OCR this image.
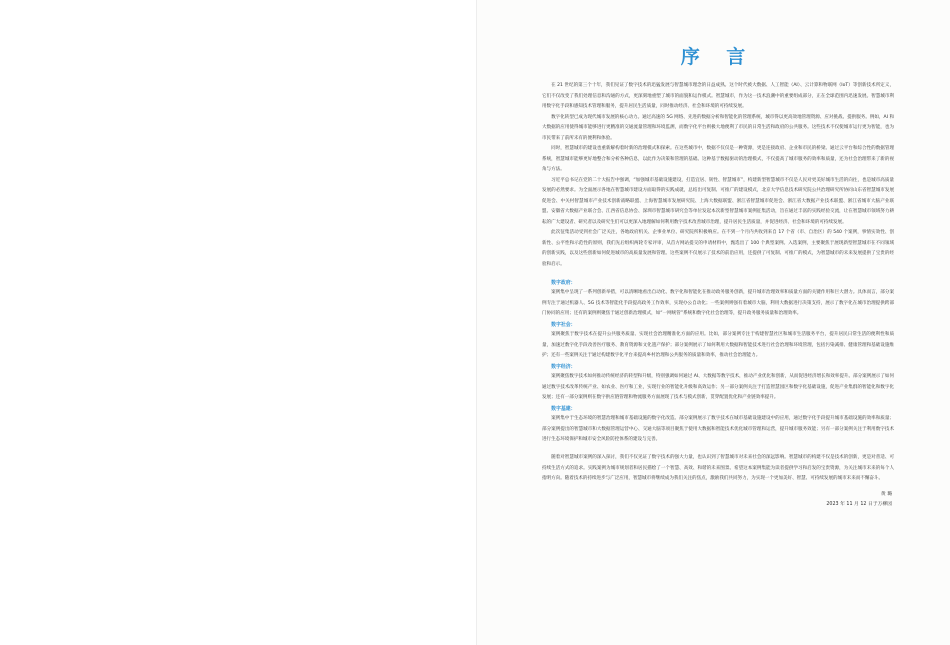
序 言

在 21 世纪的第三个十年，我们见证了数字技术的迅猛发展与智慧城市理念的日益成熟。这个时代被大数据、人工智能（AI）、云计算和物联网（IoT）等创新技术所定义，它们不仅改变了我们处理信息和沟通的方式，更深刻地重塑了城市的面貌和运作模式。智慧城市，作为这一技术浪潮中的重要组成部分，正在全球范围内迅速发展。智慧城市利用数字化手段和感知技术管理和服务，提升居民生活质量，同时推动经济、社会和环境的可持续发展。

数字化转型已成为现代城市发展的核心动力。通过高速的 5G 网络、先进的数据分析和智能化的管理系统，城市得以更高效地管理资源、应对挑战、提供服务。例如，AI 和大数据的应用使得城市能够进行更精准的交通流量管理和环境监测，而数字化平台则极大地便利了市民的日常生活和政府的公共服务。这些技术不仅使城市运行更为智能，也为市民带来了前所未有的便利和体验。

同时，智慧城市的建设也重新解构着时新的治理模式和探索。在这些城市中，数据不仅仅是一种资源，更是连接政府、企业和市民的桥梁。通过云平台和综合性的数据管理系统，智慧城市能够更好地整合和分析各种信息，以此作为决策和管理的基础。这种基于数据驱动的治理模式，不仅提高了城市服务的效率和质量，还为社会治理带来了新的视角与方法。

习近平总书记在党的二十大报告中强调，“加强城市基础设施建设，打造宜居、韧性、智慧城市”，构建新型智慧城市不仅是人民对更美好城市生活的向往，也是城市高质量发展的必然要求。为全面展示各地在智慧城市建设方面取得的实践成就，总结出可复制、可推广的建设模式，北京大学信息技术研究院公共治理研究所协同山东省智慧城市发展促进会、中关村智慧城市产业技术创新战略联盟、上海智慧城市发展研究院、上海大数据联盟、浙江省智慧城市促进会、浙江省大数据产业技术联盟、浙江省城市大脑产业联盟、安徽省大数据产业联合会、江西省信息协会、深圳市智慧城市研究会等单位发起本次新型智慧城市案例征集活动，旨在通过丰富的实践经验交流，让在智慧城市领域努力耕耘的广大建设者、研究者以及研究生们可以更深入地理解如何利用数字技术改善城市治理，提升居民生活质量，并促进经济、社会和环境的可持续发展。

此次征集活动受到社会广泛关注，各地政府机关、企事业单位、研究院所积极响应。在不到一个月内共收到来自 17 个省（市、自治区）的 540 个案例，事情实效性、创新性、公平性和示范性的原则，我们先后组织两轮专家评审，从首方网站提交的申请材料中，甄选出了 100 个典型案例。入选案例，主要聚焦于展现新型智慧城市在不同领域的创新实践，以及这些创新如何促进城市的高质量发展和管理。这些案例不仅展示了技术的前沿应用，还提供了可复制、可推广的模式，为智慧城市的未来发展提供了宝贵的经验和启示。

数字政府：

案例集中呈现了一系列创新举措，可以清晰地看出自动化、数字化和智能化在推动政务服务创新，提升城市治理效率和质量方面的关键作用和巨大潜力。具体而言，部分案例专注于通过机器人、5G 技术等智能化手段提高政务工作效率，实现办公自动化；一些案例则强有着城市大脑，利用大数据进行决策支持，展示了数字化在城市治理提供跨部门协同的应用；还有的案例则聚焦于通过创新治理模式，如“一网统管”系统和数字化社会治理等，提升政务服务质量和治理效率。

数字社会：

案例聚焦于数字技术在提升公共服务质量、实现社会治理精准化方面的应用。比如，部分案例专注于构建智慧社区和城市生活服务平台，提升居民日常生活的便利性和质量，加速过数字化手段改善医疗服务、教育资源和文化遗产保护；部分案例展示了如何利用大数据和智能技术进行社会治理和环境管理，包括污染减排、健康管理和基础设施维护；还有一些案例关注于通过构建数字化平台来提高乡村治理和公共服务的质量和效率，推动社会治理能力。

数字经济：

案例聚焦数字技术如何推动传统经济的转型和升级，特别强调如何通过 AI、大数据等数字技术，推动产业优化和创新，从而促进经济增长和效率提升。部分案例展示了如何通过数字技术改革传统产业、如农业、医疗和工业，实现行业的智能化升级和高效运作；另一部分案例关注于打造智慧园区和数字化基础设施，促进产业集群的智能化和数字化发展；还有一部分案例则在数字供应链管理和物流服务方面展现了技术与模式创新，贯穿配置优化和产业链效率提升。

数字基建：

案例集中于生态环境的智慧治理和城市基础设施的数字化改造。部分案例展示了数字技术在城市基础设施建设中的应用，通过数字化手段提升城市基础设施的效率和质量；部分案例提出的智慧城市和大数据管理运营中心、交通大脑等项目聚焦于使用大数据和智能技术优化城市管理和运营，提升城市服务效能；另有一部分案例关注于利用数字技术进行生态环境保护和城市安全风险防控体系的建设与完善。

随着对智慧城市案例的深入探讨，我们不仅见证了数字技术的强大力量，也认识到了智慧城市对未来社会的深远影响。智慧城市的构建不仅是技术的创新，更是对普适、可持续生活方式的追求。实践案例为城市规划者和居民描绘了一个智慧、高效、和谐的未来图景。希望这本案例集能为读者提供学习和启发的宝贵资源，为关注城市未来的每个人指明方向。随着技术的持续进步与广泛应用，智慧城市将继续成为我们关注的焦点，激励我们共同努力，为实现一个更加美好、智慧、可持续发展的城市未来而不懈奋斗。

黄 璐
2023 年 11 月 12 日于万柳园
